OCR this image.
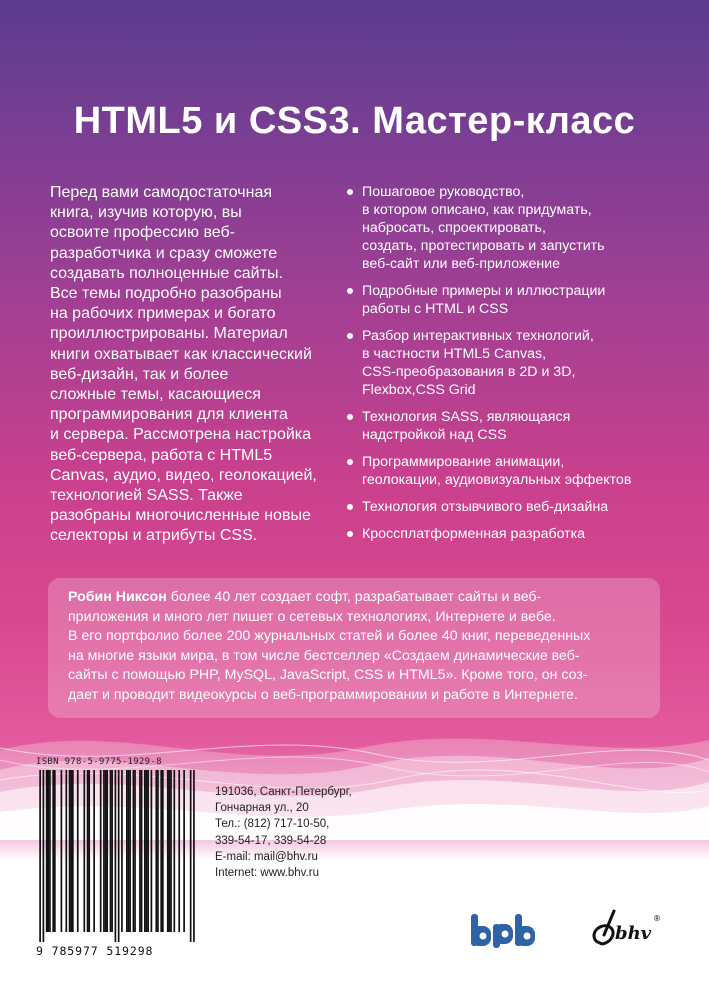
HTML5 и CSS3. Мастер-класс
Перед вами самодостаточная
книга, изучив которую, вы
освоите профессию веб-
разработчика и сразу сможете
создавать полноценные сайты.
Все темы подробно разобраны
на рабочих примерах и богато
проиллюстрированы. Материал
книги охватывает как классический
веб-дизайн, так и более
сложные темы, касающиеся
программирования для клиента
и сервера. Рассмотрена настройка
веб-сервера, работа с HTML5
Canvas, аудио, видео, геолокацией,
технологией SASS. Также
разобраны многочисленные новые
селекторы и атрибуты CSS.
Пошаговое руководство,
в котором описано, как придумать,
набросать, спроектировать,
создать, протестировать и запустить
веб-сайт или веб-приложение
Подробные примеры и иллюстрации
работы с HTML и CSS
Разбор интерактивных технологий,
в частности HTML5 Canvas,
CSS-преобразования в 2D и 3D,
Flexbox,CSS Grid
Технология SASS, являющаяся
надстройкой над CSS
Программирование анимации,
геолокации, аудиовизуальных эффектов
Технология отзывчивого веб-дизайна
Кроссплатформенная разработка
Робин Никсон более 40 лет создает софт, разрабатывает сайты и веб-
приложения и много лет пишет о сетевых технологиях, Интернете и вебе.
В его портфолио более 200 журнальных статей и более 40 книг, переведенных
на многие языки мира, в том числе бестселлер «Создаем динамические веб-
сайты с помощью PHP, MySQL, JavaScript, CSS и HTML5». Кроме того, он соз-
дает и проводит видеокурсы о веб-программировании и работе в Интернете.
ISBN 978-5-9775-1929-8
9 785977 519298
191036, Санкт-Петербург,
Гончарная ул., 20
Тел.: (812) 717-10-50,
339-54-17, 339-54-28
E-mail: mail@bhv.ru
Internet: www.bhv.ru
bhv
®
